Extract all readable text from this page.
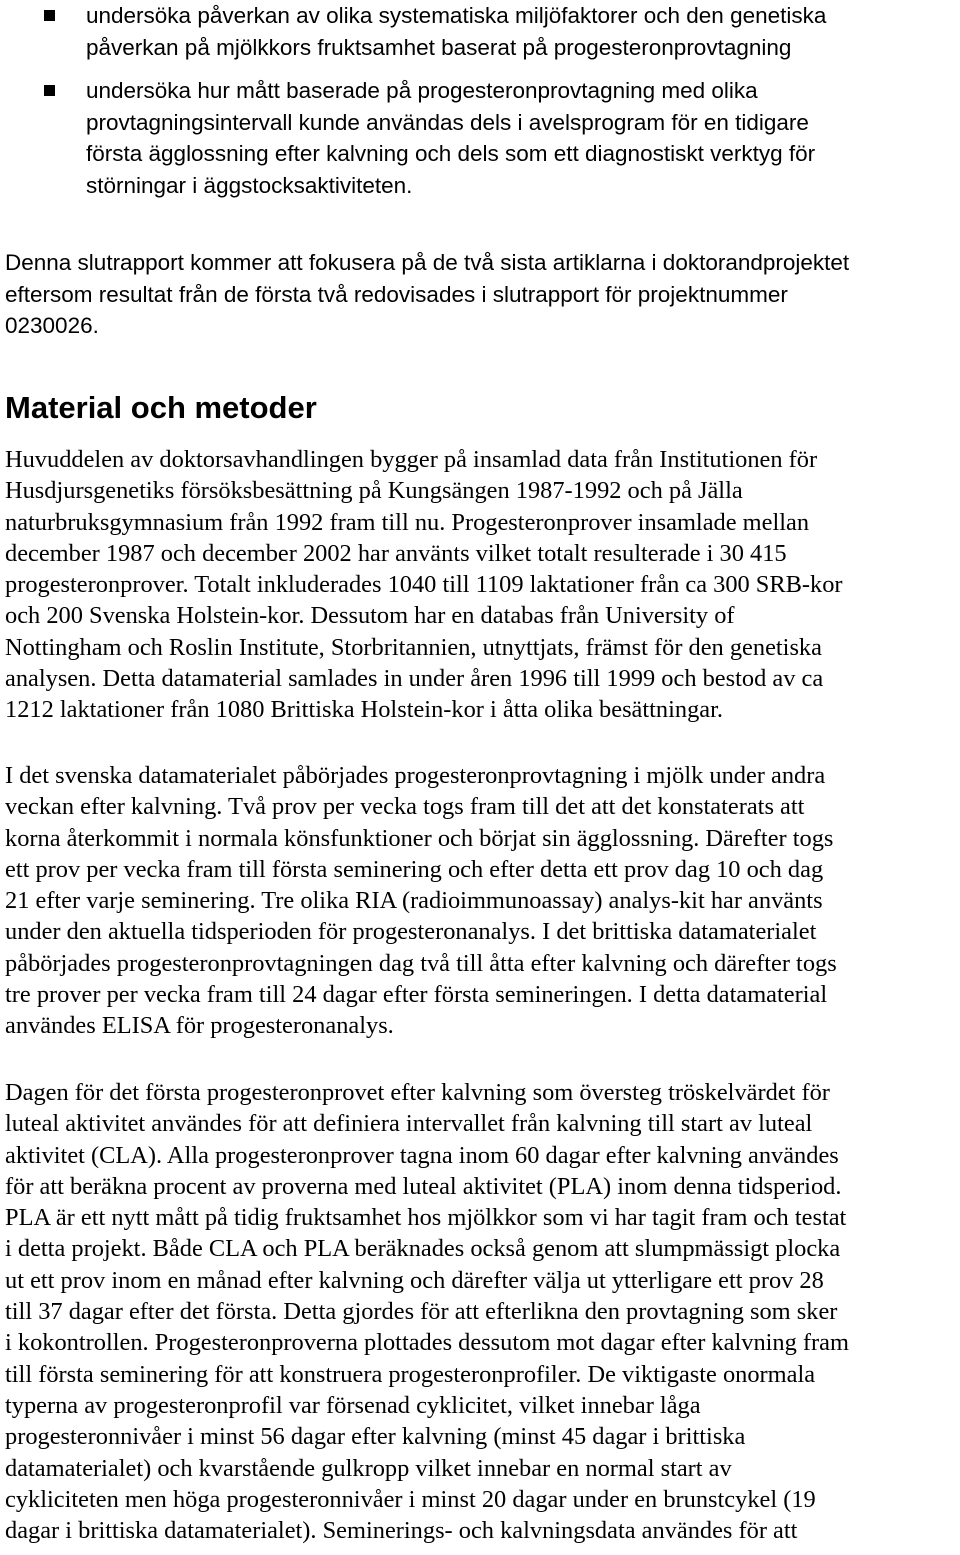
undersöka påverkan av olika systematiska miljöfaktorer och den genetiska
påverkan på mjölkkors fruktsamhet baserat på progesteronprovtagning
undersöka hur mått baserade på progesteronprovtagning med olika
provtagningsintervall kunde användas dels i avelsprogram för en tidigare
första ägglossning efter kalvning och dels som ett diagnostiskt verktyg för
störningar i äggstocksaktiviteten.

Denna slutrapport kommer att fokusera på de två sista artiklarna i doktorandprojektet
eftersom resultat från de första två redovisades i slutrapport för projektnummer
0230026.

Material och metoder

Huvuddelen av doktorsavhandlingen bygger på insamlad data från Institutionen för
Husdjursgenetiks försöksbesättning på Kungsängen 1987-1992 och på Jälla
naturbruksgymnasium från 1992 fram till nu. Progesteronprover insamlade mellan
december 1987 och december 2002 har använts vilket totalt resulterade i 30 415
progesteronprover. Totalt inkluderades 1040 till 1109 laktationer från ca 300 SRB-kor
och 200 Svenska Holstein-kor. Dessutom har en databas från University of
Nottingham och Roslin Institute, Storbritannien, utnyttjats, främst för den genetiska
analysen. Detta datamaterial samlades in under åren 1996 till 1999 och bestod av ca
1212 laktationer från 1080 Brittiska Holstein-kor i åtta olika besättningar.

I det svenska datamaterialet påbörjades progesteronprovtagning i mjölk under andra
veckan efter kalvning. Två prov per vecka togs fram till det att det konstaterats att
korna återkommit i normala könsfunktioner och börjat sin ägglossning. Därefter togs
ett prov per vecka fram till första seminering och efter detta ett prov dag 10 och dag
21 efter varje seminering. Tre olika RIA (radioimmunoassay) analys-kit har använts
under den aktuella tidsperioden för progesteronanalys. I det brittiska datamaterialet
påbörjades progesteronprovtagningen dag två till åtta efter kalvning och därefter togs
tre prover per vecka fram till 24 dagar efter första semineringen. I detta datamaterial
användes ELISA för progesteronanalys.

Dagen för det första progesteronprovet efter kalvning som översteg tröskelvärdet för
luteal aktivitet användes för att definiera intervallet från kalvning till start av luteal
aktivitet (CLA). Alla progesteronprover tagna inom 60 dagar efter kalvning användes
för att beräkna procent av proverna med luteal aktivitet (PLA) inom denna tidsperiod.
PLA är ett nytt mått på tidig fruktsamhet hos mjölkkor som vi har tagit fram och testat
i detta projekt. Både CLA och PLA beräknades också genom att slumpmässigt plocka
ut ett prov inom en månad efter kalvning och därefter välja ut ytterligare ett prov 28
till 37 dagar efter det första. Detta gjordes för att efterlikna den provtagning som sker
i kokontrollen. Progesteronproverna plottades dessutom mot dagar efter kalvning fram
till första seminering för att konstruera progesteronprofiler. De viktigaste onormala
typerna av progesteronprofil var försenad cyklicitet, vilket innebar låga
progesteronnivåer i minst 56 dagar efter kalvning (minst 45 dagar i brittiska
datamaterialet) och kvarstående gulkropp vilket innebar en normal start av
cykliciteten men höga progesteronnivåer i minst 20 dagar under en brunstcykel (19
dagar i brittiska datamaterialet). Seminerings- och kalvningsdata användes för att
